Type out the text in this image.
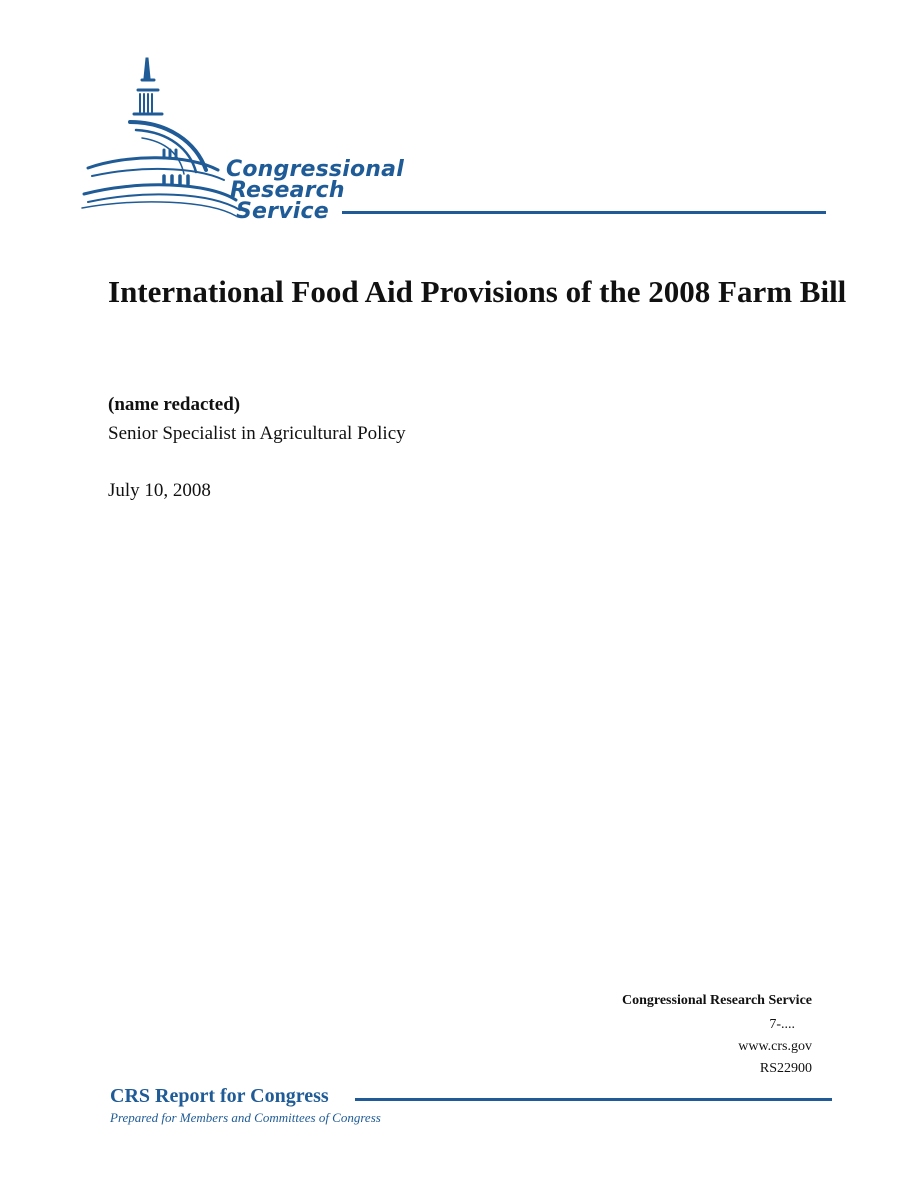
Congressional
Research
Service
International Food Aid Provisions of the 2008 Farm Bill
(name redacted)
Senior Specialist in Agricultural Policy
July 10, 2008
Congressional Research Service
7-....
www.crs.gov
RS22900
CRS Report for Congress
Prepared for Members and Committees of Congress
